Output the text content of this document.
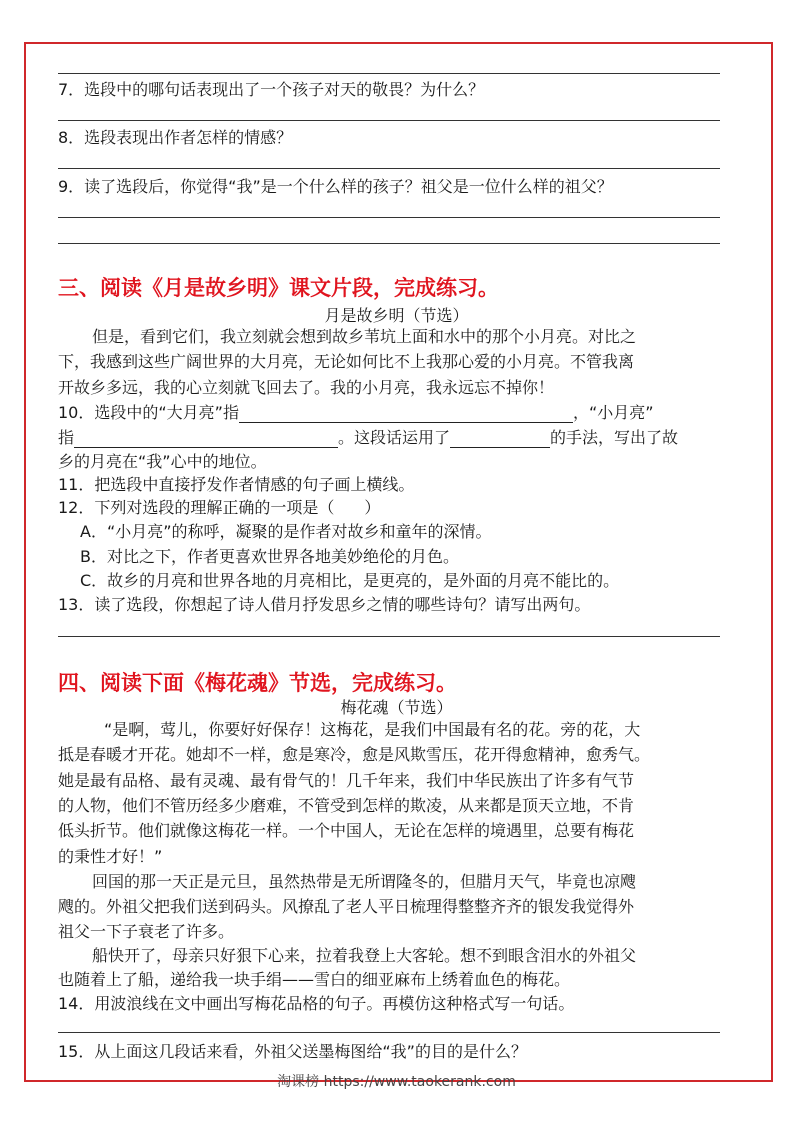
7．选段中的哪句话表现出了一个孩子对天的敬畏？为什么？
8．选段表现出作者怎样的情感？
9．读了选段后，你觉得“我”是一个什么样的孩子？祖父是一位什么样的祖父？
三、阅读《月是故乡明》课文片段，完成练习。
月是故乡明（节选）
但是，看到它们，我立刻就会想到故乡苇坑上面和水中的那个小月亮。对比之
下，我感到这些广阔世界的大月亮，无论如何比不上我那心爱的小月亮。不管我离
开故乡多远，我的心立刻就飞回去了。我的小月亮，我永远忘不掉你！
10．选段中的“大月亮”指	，“小月亮”
指	。这段话运用了	的手法，写出了故
乡的月亮在“我”心中的地位。
11．把选段中直接抒发作者情感的句子画上横线。
12．下列对选段的理解正确的一项是（ ）
A．“小月亮”的称呼，凝聚的是作者对故乡和童年的深情。
B．对比之下，作者更喜欢世界各地美妙绝伦的月色。
C．故乡的月亮和世界各地的月亮相比，是更亮的，是外面的月亮不能比的。
13．读了选段，你想起了诗人借月抒发思乡之情的哪些诗句？请写出两句。
四、阅读下面《梅花魂》节选，完成练习。
梅花魂（节选）
“是啊，莺儿，你要好好保存！这梅花，是我们中国最有名的花。旁的花，大
抵是春暖才开花。她却不一样，愈是寒冷，愈是风欺雪压，花开得愈精神，愈秀气。
她是最有品格、最有灵魂、最有骨气的！几千年来，我们中华民族出了许多有气节
的人物，他们不管历经多少磨难，不管受到怎样的欺凌，从来都是顶天立地，不肯
低头折节。他们就像这梅花一样。一个中国人，无论在怎样的境遇里，总要有梅花
的秉性才好！”
回国的那一天正是元旦，虽然热带是无所谓隆冬的，但腊月天气，毕竟也凉飕
飕的。外祖父把我们送到码头。风撩乱了老人平日梳理得整整齐齐的银发我觉得外
祖父一下子衰老了许多。
船快开了，母亲只好狠下心来，拉着我登上大客轮。想不到眼含泪水的外祖父
也随着上了船，递给我一块手绢——雪白的细亚麻布上绣着血色的梅花。
14．用波浪线在文中画出写梅花品格的句子。再模仿这种格式写一句话。
15．从上面这几段话来看，外祖父送墨梅图给“我”的目的是什么？
淘课榜 https://www.taokerank.com
